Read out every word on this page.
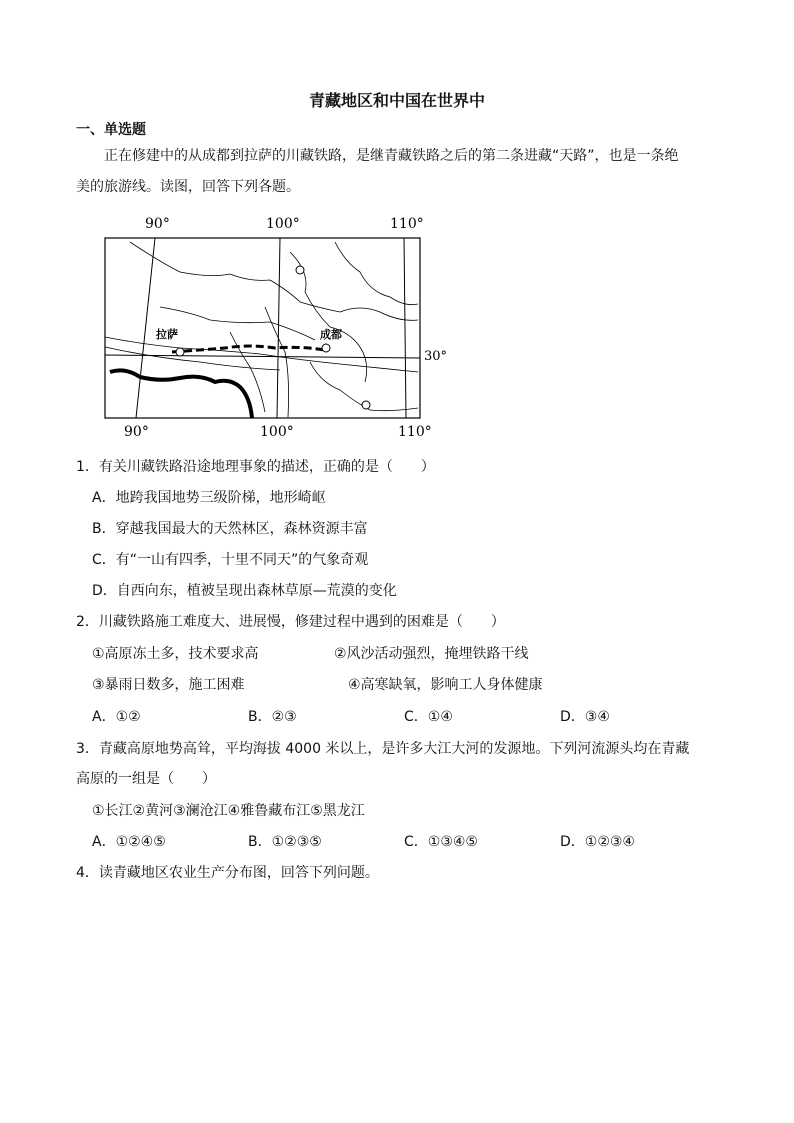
青藏地区和中国在世界中
一、单选题
正在修建中的从成都到拉萨的川藏铁路，是继青藏铁路之后的第二条进藏“天路”，也是一条绝
美的旅游线。读图，回答下列各题。
拉萨	成都
90°	100°	110°
90°	100°	110°
30°
1．有关川藏铁路沿途地理事象的描述，正确的是（　　）
A．地跨我国地势三级阶梯，地形崎岖
B．穿越我国最大的天然林区，森林资源丰富
C．有“一山有四季，十里不同天”的气象奇观
D．自西向东，植被呈现出森林草原—荒漠的变化
2．川藏铁路施工难度大、进展慢，修建过程中遇到的困难是（　　）
①高原冻土多，技术要求高	②风沙活动强烈，掩埋铁路干线
③暴雨日数多，施工困难	④高寒缺氧，影响工人身体健康
A．①②	B．②③	C．①④	D．③④
3．青藏高原地势高耸，平均海拔 4000 米以上，是许多大江大河的发源地。下列河流源头均在青藏
高原的一组是（　　）
①长江②黄河③澜沧江④雅鲁藏布江⑤黑龙江
A．①②④⑤	B．①②③⑤	C．①③④⑤	D．①②③④
4．读青藏地区农业生产分布图，回答下列问题。
